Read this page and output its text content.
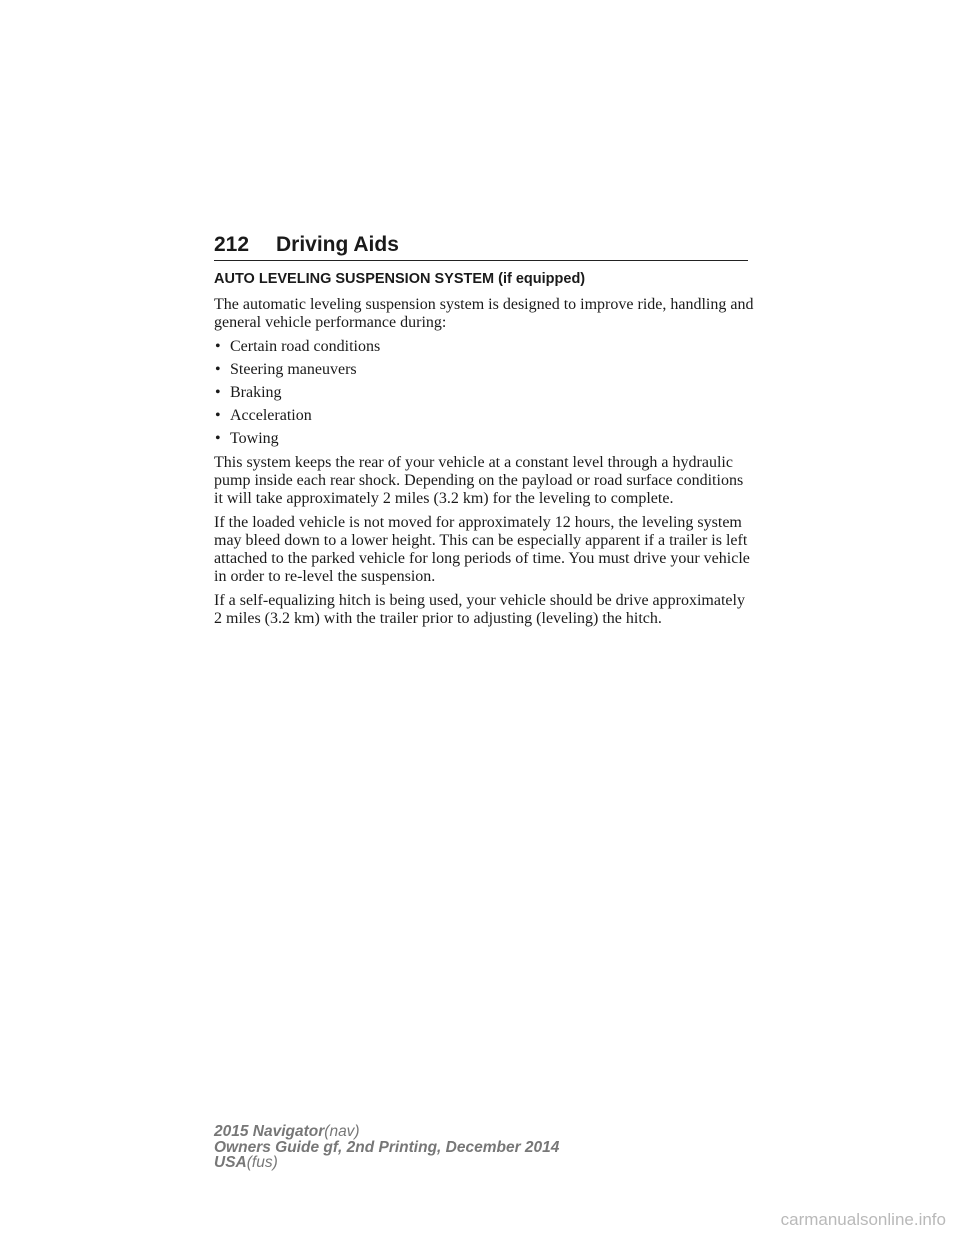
212 Driving Aids
AUTO LEVELING SUSPENSION SYSTEM (if equipped)

The automatic leveling suspension system is designed to improve ride, handling and general vehicle performance during:

• Certain road conditions
• Steering maneuvers
• Braking
• Acceleration
• Towing

This system keeps the rear of your vehicle at a constant level through a hydraulic pump inside each rear shock. Depending on the payload or road surface conditions it will take approximately 2 miles (3.2 km) for the leveling to complete.

If the loaded vehicle is not moved for approximately 12 hours, the leveling system may bleed down to a lower height. This can be especially apparent if a trailer is left attached to the parked vehicle for long periods of time. You must drive your vehicle in order to re-level the suspension.

If a self-equalizing hitch is being used, your vehicle should be drive approximately 2 miles (3.2 km) with the trailer prior to adjusting (leveling) the hitch.

2015 Navigator(nav)
Owners Guide gf, 2nd Printing, December 2014
USA(fus)
carmanualsonline.info
